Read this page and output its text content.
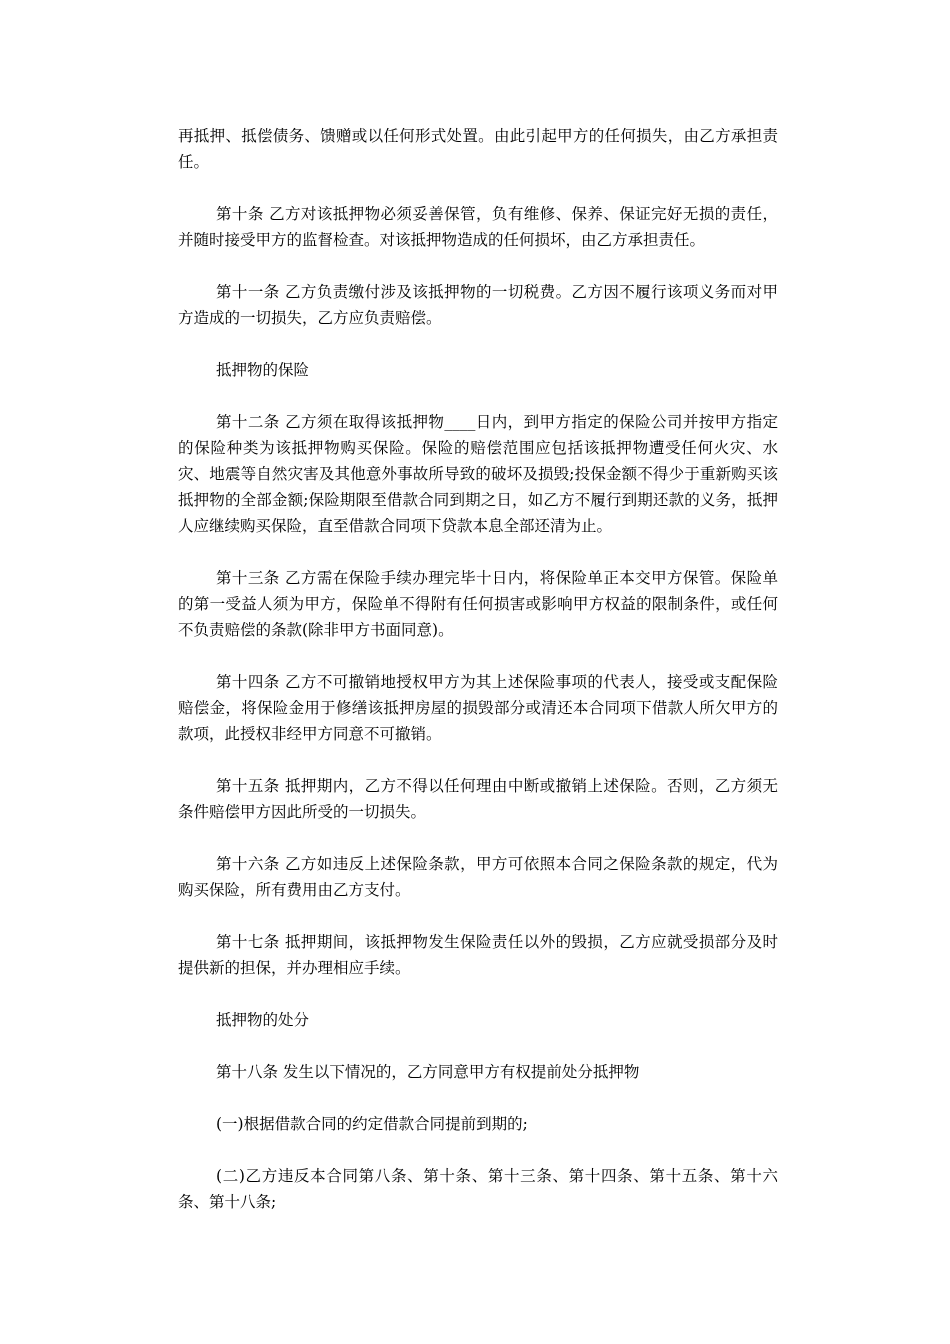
再抵押、抵偿债务、馈赠或以任何形式处置。由此引起甲方的任何损失，由乙方承担责任。

第十条 乙方对该抵押物必须妥善保管，负有维修、保养、保证完好无损的责任，并随时接受甲方的监督检查。对该抵押物造成的任何损坏，由乙方承担责任。

第十一条 乙方负责缴付涉及该抵押物的一切税费。乙方因不履行该项义务而对甲方造成的一切损失，乙方应负责赔偿。

抵押物的保险

第十二条 乙方须在取得该抵押物____日内，到甲方指定的保险公司并按甲方指定的保险种类为该抵押物购买保险。保险的赔偿范围应包括该抵押物遭受任何火灾、水灾、地震等自然灾害及其他意外事故所导致的破坏及损毁;投保金额不得少于重新购买该抵押物的全部金额;保险期限至借款合同到期之日，如乙方不履行到期还款的义务，抵押人应继续购买保险，直至借款合同项下贷款本息全部还清为止。

第十三条 乙方需在保险手续办理完毕十日内，将保险单正本交甲方保管。保险单的第一受益人须为甲方，保险单不得附有任何损害或影响甲方权益的限制条件，或任何不负责赔偿的条款(除非甲方书面同意)。

第十四条 乙方不可撤销地授权甲方为其上述保险事项的代表人，接受或支配保险赔偿金，将保险金用于修缮该抵押房屋的损毁部分或清还本合同项下借款人所欠甲方的款项，此授权非经甲方同意不可撤销。

第十五条 抵押期内，乙方不得以任何理由中断或撤销上述保险。否则，乙方须无条件赔偿甲方因此所受的一切损失。

第十六条 乙方如违反上述保险条款，甲方可依照本合同之保险条款的规定，代为购买保险，所有费用由乙方支付。

第十七条 抵押期间，该抵押物发生保险责任以外的毁损，乙方应就受损部分及时提供新的担保，并办理相应手续。

抵押物的处分

第十八条 发生以下情况的，乙方同意甲方有权提前处分抵押物

(一)根据借款合同的约定借款合同提前到期的;

(二)乙方违反本合同第八条、第十条、第十三条、第十四条、第十五条、第十六条、第十八条;
